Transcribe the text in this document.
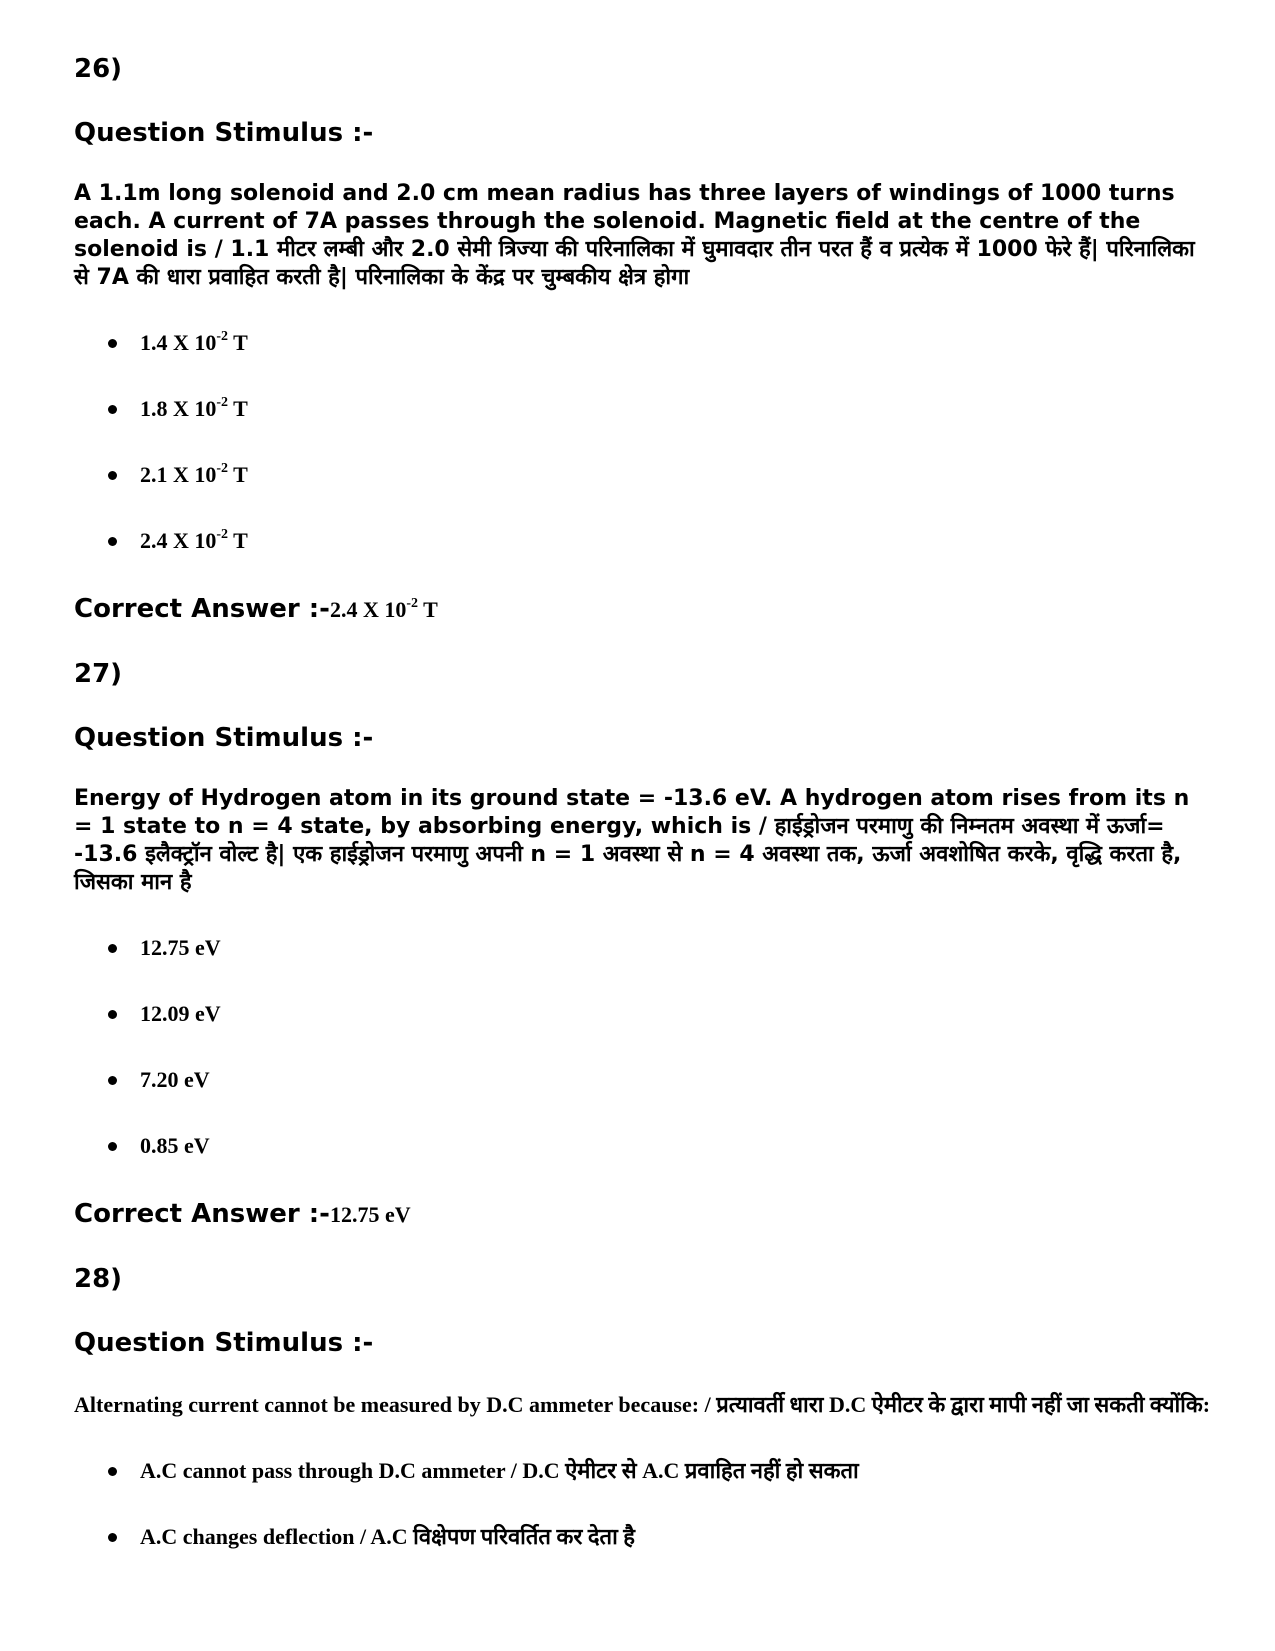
26)
Question Stimulus :-
A 1.1m long solenoid and 2.0 cm mean radius has three layers of windings of 1000 turns each. A current of 7A passes through the solenoid. Magnetic field at the centre of the solenoid is / 1.1 मीटर लम्बी और 2.0 सेमी त्रिज्या की परिनालिका में घुमावदार तीन परत हैं व प्रत्येक में 1000 फेरे हैं| परिनालिका से 7A की धारा प्रवाहित करती है| परिनालिका के केंद्र पर चुम्बकीय क्षेत्र होगा
1.4 X $10^{-2}$ T
1.8 X $10^{-2}$ T
2.1 X $10^{-2}$ T
2.4 X $10^{-2}$ T
Correct Answer :-2.4 X $10^{-2}$ T
27)
Question Stimulus :-
Energy of Hydrogen atom in its ground state = -13.6 eV. A hydrogen atom rises from its n = 1 state to n = 4 state, by absorbing energy, which is / हाईड्रोजन परमाणु की निम्नतम अवस्था में ऊर्जा= -13.6 इलैक्ट्रॉन वोल्ट है| एक हाईड्रोजन परमाणु अपनी n = 1 अवस्था से n = 4 अवस्था तक, ऊर्जा अवशोषित करके, वृद्धि करता है, जिसका मान है
12.75 eV
12.09 eV
7.20 eV
0.85 eV
Correct Answer :-12.75 eV
28)
Question Stimulus :-
Alternating current cannot be measured by D.C ammeter because: / प्रत्यावर्ती धारा D.C ऐमीटर के द्वारा मापी नहीं जा सकती क्योंकि:
A.C cannot pass through D.C ammeter / D.C ऐमीटर से A.C प्रवाहित नहीं हो सकता
A.C changes deflection / A.C विक्षेपण परिवर्तित कर देता है
